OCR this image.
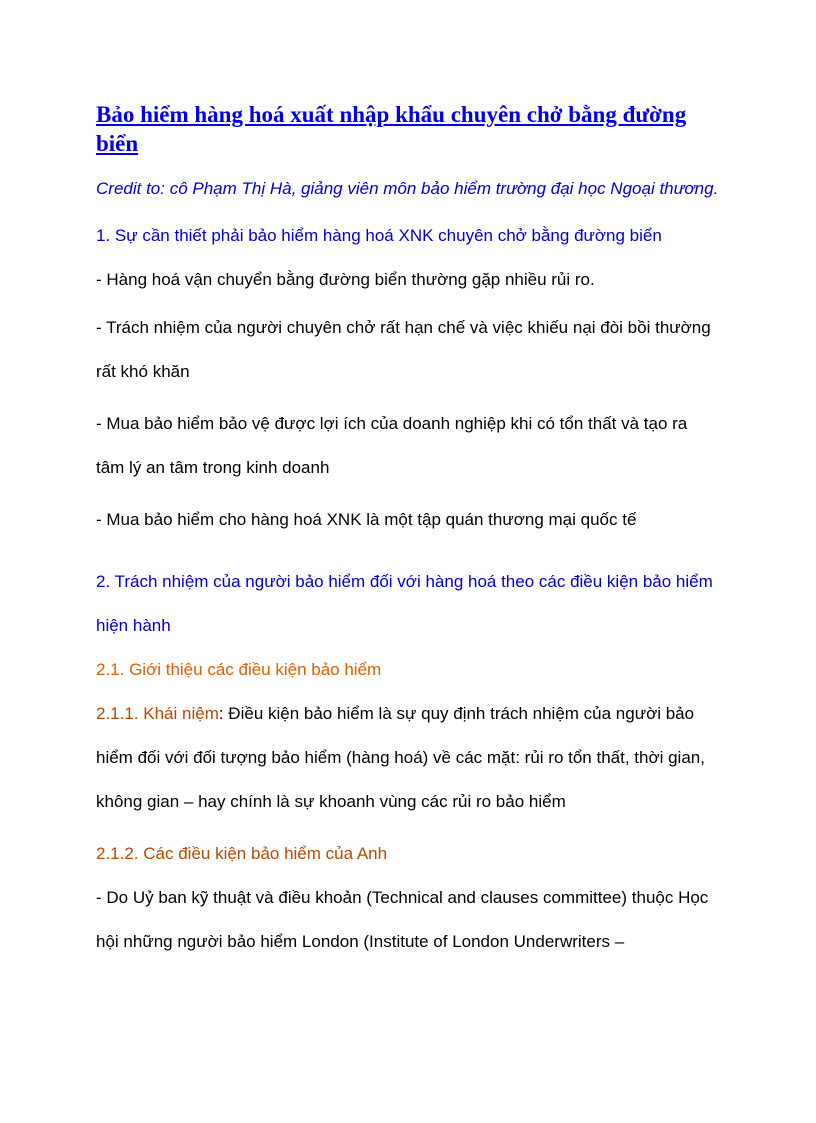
Bảo hiểm hàng hoá xuất nhập khẩu chuyên chở bằng đường biển

Credit to: cô Phạm Thị Hà, giảng viên môn bảo hiểm trường đại học Ngoại thương.

1. Sự cần thiết phải bảo hiểm hàng hoá XNK chuyên chở bằng đường biển

- Hàng hoá vận chuyển bằng đường biển thường gặp nhiều rủi ro.

- Trách nhiệm của người chuyên chở rất hạn chế và việc khiếu nại đòi bồi thường rất khó khăn

- Mua bảo hiểm bảo vệ được lợi ích của doanh nghiệp khi có tổn thất và tạo ra tâm lý an tâm trong kinh doanh

- Mua bảo hiểm cho hàng hoá XNK là một tập quán thương mại quốc tế

2. Trách nhiệm của người bảo hiểm đối với hàng hoá theo các điều kiện bảo hiểm hiện hành

2.1. Giới thiệu các điều kiện bảo hiểm

2.1.1. Khái niệm: Điều kiện bảo hiểm là sự quy định trách nhiệm của người bảo hiểm đối với đối tượng bảo hiểm (hàng hoá) về các mặt: rủi ro tổn thất, thời gian, không gian – hay chính là sự khoanh vùng các rủi ro bảo hiểm

2.1.2. Các điều kiện bảo hiểm của Anh

- Do Uỷ ban kỹ thuật và điều khoản (Technical and clauses committee) thuộc Học hội những người bảo hiểm London (Institute of London Underwriters –
